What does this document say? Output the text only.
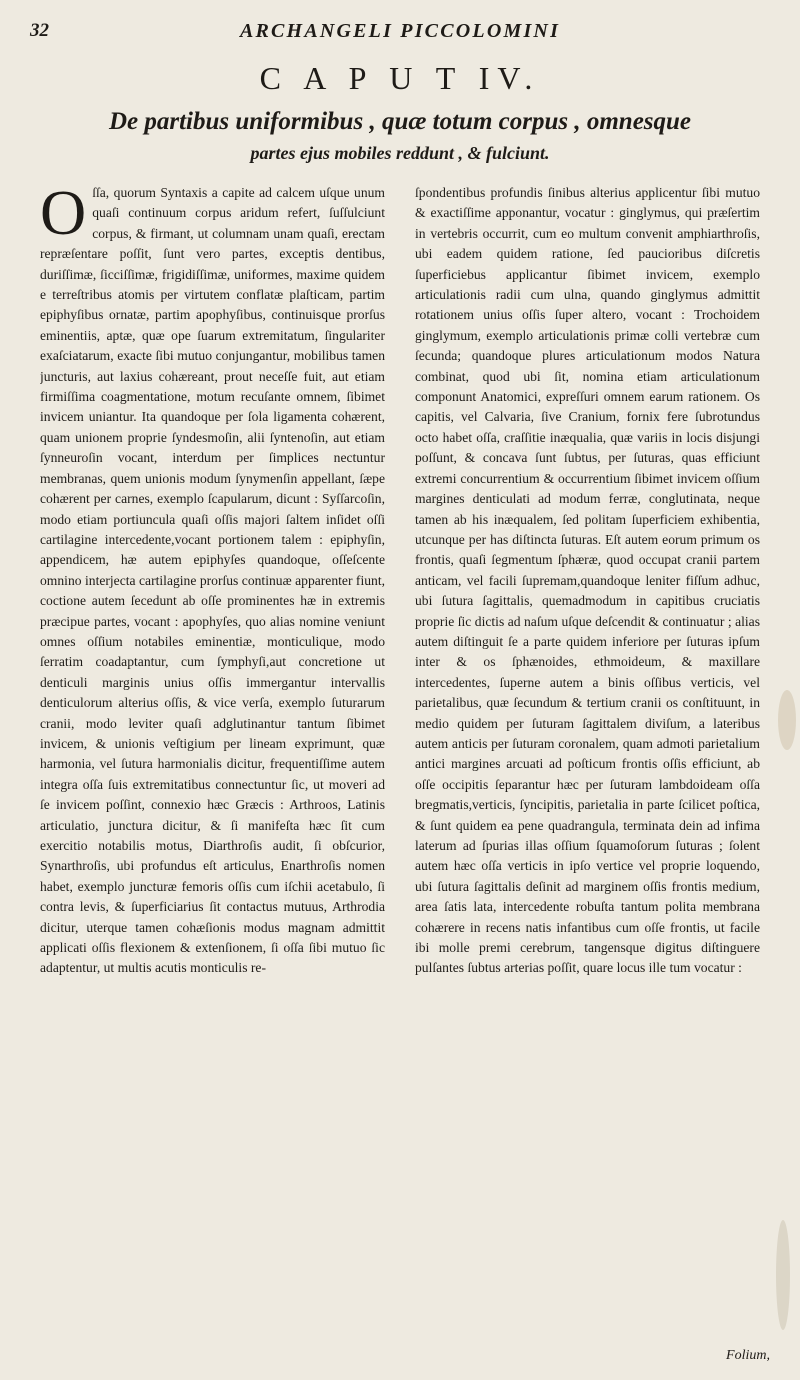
32	ARCHANGELI PICCOLOMINI
C A P U T IV.
De partibus uniformibus , quæ totum corpus , omnesque
partes ejus mobiles reddunt , & fulciunt.

Oſſa, quorum Syntaxis a capite ad calcem uſque unum quaſi continuum corpus aridum refert, ſuſſulciunt corpus, & firmant, ut columnam unam quaſi, erectam repræſentare poſſit, ſunt vero partes, exceptis dentibus, duriſſimæ, ſicciſſimæ, frigidiſſimæ, uniformes, maxime quidem e terreſtribus atomis per virtutem conflatæ plaſticam, partim epiphyſibus ornatæ, partim apophyſibus, continuisque prorſus eminentiis, aptæ, quæ ope ſuarum extremitatum, ſingulariter exaſciatarum, exacte ſibi mutuo conjungantur, mobilibus tamen juncturis, aut laxius cohæreant, prout neceſſe fuit, aut etiam firmiſſima coagmentatione, motum recuſante omnem, ſibimet invicem uniantur. Ita quandoque per ſola ligamenta cohærent, quam unionem proprie ſyndesmoſin, alii ſyntenoſin, aut etiam ſynneuroſin vocant, interdum per ſimplices nectuntur membranas, quem unionis modum ſynymenſin appellant, ſæpe cohærent per carnes, exemplo ſcapularum, dicunt : Syſſarcoſin, modo etiam portiuncula quaſi oſſis majori ſaltem inſidet oſſi cartilagine intercedente,vocant portionem talem : epiphyſin, appendicem, hæ autem epiphyſes quandoque, oſſeſcente omnino interjecta cartilagine prorſus continuæ apparenter fiunt, coctione autem ſecedunt ab oſſe prominentes hæ in extremis præcipue partes, vocant : apophyſes, quo alias nomine veniunt omnes oſſium notabiles eminentiæ, monticulique, modo ſerratim coadaptantur, cum ſymphyſi,aut concretione ut denticuli marginis unius oſſis immergantur intervallis denticulorum alterius oſſis, & vice verſa, exemplo ſuturarum cranii, modo leviter quaſi adglutinantur tantum ſibimet invicem, & unionis veſtigium per lineam exprimunt, quæ harmonia, vel ſutura harmonialis dicitur, frequentiſſime autem integra oſſa ſuis extremitatibus connectuntur ſic, ut moveri ad ſe invicem poſſint, connexio hæc Græcis : Arthroos, Latinis articulatio, junctura dicitur, & ſi manifeſta hæc ſit cum exercitio notabilis motus, Diarthroſis audit, ſi obſcurior, Synarthroſis, ubi profundus eſt articulus, Enarthroſis nomen habet, exemplo juncturæ femoris oſſis cum iſchii acetabulo, ſi contra levis, & ſuperficiarius ſit contactus mutuus, Arthrodia dicitur, uterque tamen cohæſionis modus magnam admittit applicati oſſis flexionem & extenſionem, ſi oſſa ſibi mutuo ſic adaptentur, ut multis acutis monticulis re-

ſpondentibus profundis ſinibus alterius applicentur ſibi mutuo & exactiſſime apponantur, vocatur : ginglymus, qui præſertim in vertebris occurrit, cum eo multum convenit amphiarthroſis, ubi eadem quidem ratione, ſed paucioribus diſcretis ſuperficiebus applicantur ſibimet invicem, exemplo articulationis radii cum ulna, quando ginglymus admittit rotationem unius oſſis ſuper altero, vocant : Trochoidem ginglymum, exemplo articulationis primæ colli vertebræ cum ſecunda; quandoque plures articulationum modos Natura combinat, quod ubi ſit, nomina etiam articulationum componunt Anatomici, expreſſuri omnem earum rationem. Os capitis, vel Calvaria, ſive Cranium, fornix fere ſubrotundus octo habet oſſa, craſſitie inæqualia, quæ variis in locis disjungi poſſunt, & concava ſunt ſubtus, per ſuturas, quas efficiunt extremi concurrentium & occurrentium ſibimet invicem oſſium margines denticulati ad modum ferræ, conglutinata, neque tamen ab his inæqualem, ſed politam ſuperficiem exhibentia, utcunque per has diſtincta ſuturas. Eſt autem eorum primum os frontis, quaſi ſegmentum ſphæræ, quod occupat cranii partem anticam, vel facili ſupremam,quandoque leniter fiſſum adhuc, ubi ſutura ſagittalis, quemadmodum in capitibus cruciatis proprie ſic dictis ad naſum uſque deſcendit & continuatur ; alias autem diſtinguit ſe a parte quidem inferiore per ſuturas ipſum inter & os ſphænoides, ethmoideum, & maxillare intercedentes, ſuperne autem a binis oſſibus verticis, vel parietalibus, quæ ſecundum & tertium cranii os conſtituunt, in medio quidem per ſuturam ſagittalem diviſum, a lateribus autem anticis per ſuturam coronalem, quam admoti parietalium antici margines arcuati ad poſticum frontis oſſis efficiunt, ab oſſe occipitis ſeparantur hæc per ſuturam lambdoideam oſſa bregmatis,verticis, ſyncipitis, parietalia in parte ſcilicet poſtica, & ſunt quidem ea pene quadrangula, terminata dein ad infima laterum ad ſpurias illas oſſium ſquamoſorum ſuturas ; ſolent autem hæc oſſa verticis in ipſo vertice vel proprie loquendo, ubi ſutura ſagittalis deſinit ad marginem oſſis frontis medium, area ſatis lata, intercedente robuſta tantum polita membrana cohærere in recens natis infantibus cum oſſe frontis, ut facile ibi molle premi cerebrum, tangensque digitus diſtinguere pulſantes ſubtus arterias poſſit, quare locus ille tum vocatur :

Folium,
